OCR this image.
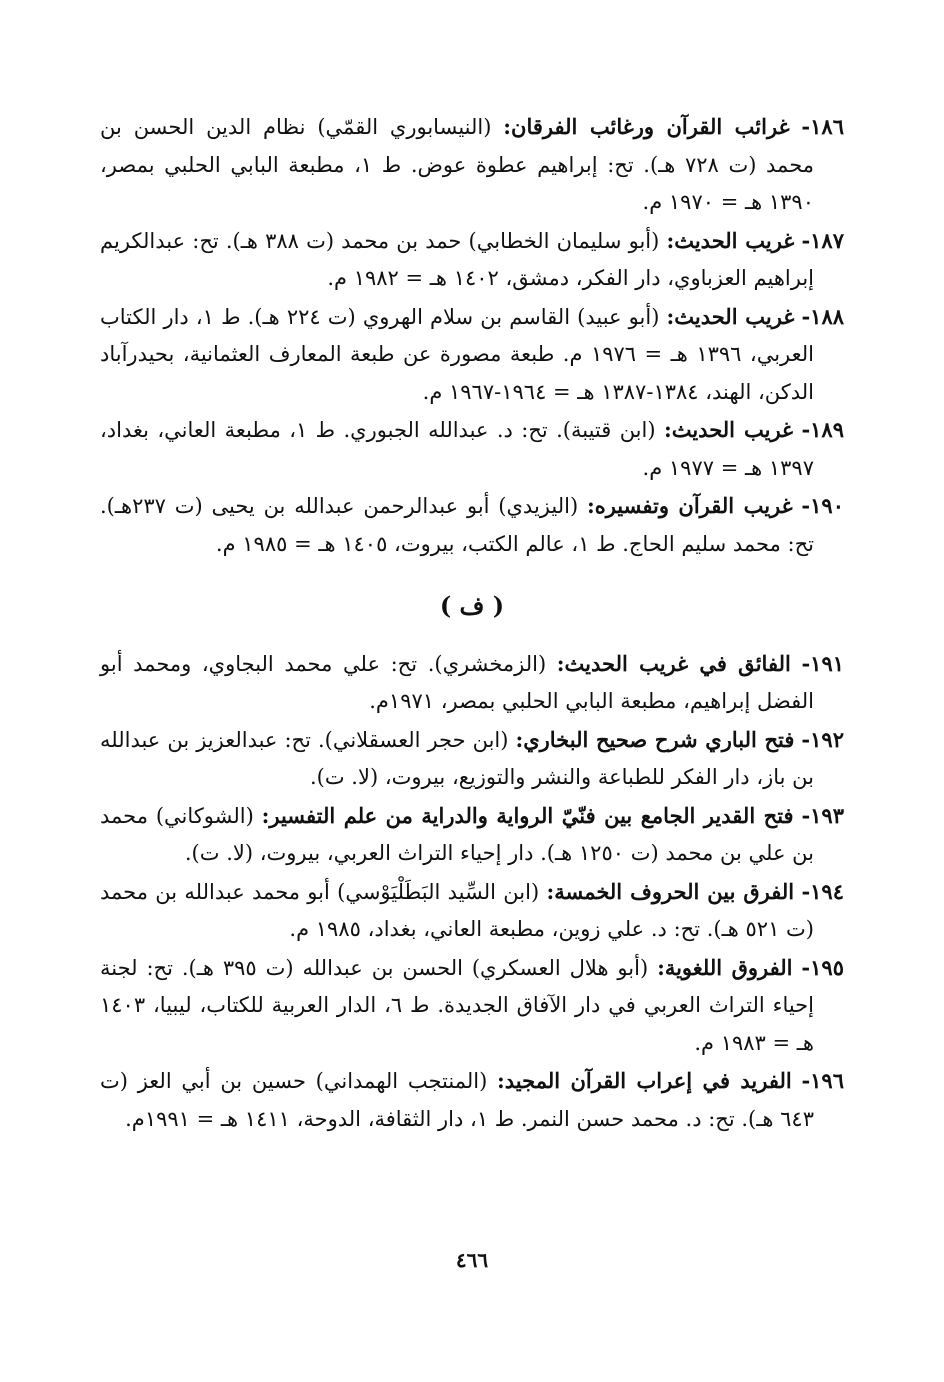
١٨٦- غرائب القرآن ورغائب الفرقان: (النيسابوري القمّي) نظام الدين الحسن بن محمد (ت ٧٢٨ هـ). تح: إبراهيم عطوة عوض. ط ١، مطبعة البابي الحلبي بمصر، ١٣٩٠ هـ = ١٩٧٠ م.

١٨٧- غريب الحديث: (أبو سليمان الخطابي) حمد بن محمد (ت ٣٨٨ هـ). تح: عبدالكريم إبراهيم العزباوي، دار الفكر، دمشق، ١٤٠٢ هـ = ١٩٨٢ م.

١٨٨- غريب الحديث: (أبو عبيد) القاسم بن سلام الهروي (ت ٢٢٤ هـ). ط ١، دار الكتاب العربي، ١٣٩٦ هـ = ١٩٧٦ م. طبعة مصورة عن طبعة المعارف العثمانية، بحيدرآباد الدكن، الهند، ١٣٨٤-١٣٨٧ هـ = ١٩٦٤-١٩٦٧ م.

١٨٩- غريب الحديث: (ابن قتيبة). تح: د. عبدالله الجبوري. ط ١، مطبعة العاني، بغداد، ١٣٩٧ هـ = ١٩٧٧ م.

١٩٠- غريب القرآن وتفسيره: (اليزيدي) أبو عبدالرحمن عبدالله بن يحيى (ت ٢٣٧هـ). تح: محمد سليم الحاج. ط ١، عالم الكتب، بيروت، ١٤٠٥ هـ = ١٩٨٥ م.

( ف )

١٩١- الفائق في غريب الحديث: (الزمخشري). تح: علي محمد البجاوي، ومحمد أبو الفضل إبراهيم، مطبعة البابي الحلبي بمصر، ١٩٧١م.

١٩٢- فتح الباري شرح صحيح البخاري: (ابن حجر العسقلاني). تح: عبدالعزيز بن عبدالله بن باز، دار الفكر للطباعة والنشر والتوزيع، بيروت، (لا. ت).

١٩٣- فتح القدير الجامع بين فنّيّ الرواية والدراية من علم التفسير: (الشوكاني) محمد بن علي بن محمد (ت ١٢٥٠ هـ). دار إحياء التراث العربي، بيروت، (لا. ت).

١٩٤- الفرق بين الحروف الخمسة: (ابن السِّيد البَطَلْيَوْسي) أبو محمد عبدالله بن محمد (ت ٥٢١ هـ). تح: د. علي زوين، مطبعة العاني، بغداد، ١٩٨٥ م.

١٩٥- الفروق اللغوية: (أبو هلال العسكري) الحسن بن عبدالله (ت ٣٩٥ هـ). تح: لجنة إحياء التراث العربي في دار الآفاق الجديدة. ط ٦، الدار العربية للكتاب، ليبيا، ١٤٠٣ هـ = ١٩٨٣ م.

١٩٦- الفريد في إعراب القرآن المجيد: (المنتجب الهمداني) حسين بن أبي العز (ت ٦٤٣ هـ). تح: د. محمد حسن النمر. ط ١، دار الثقافة، الدوحة، ١٤١١ هـ = ١٩٩١م.

٤٦٦
